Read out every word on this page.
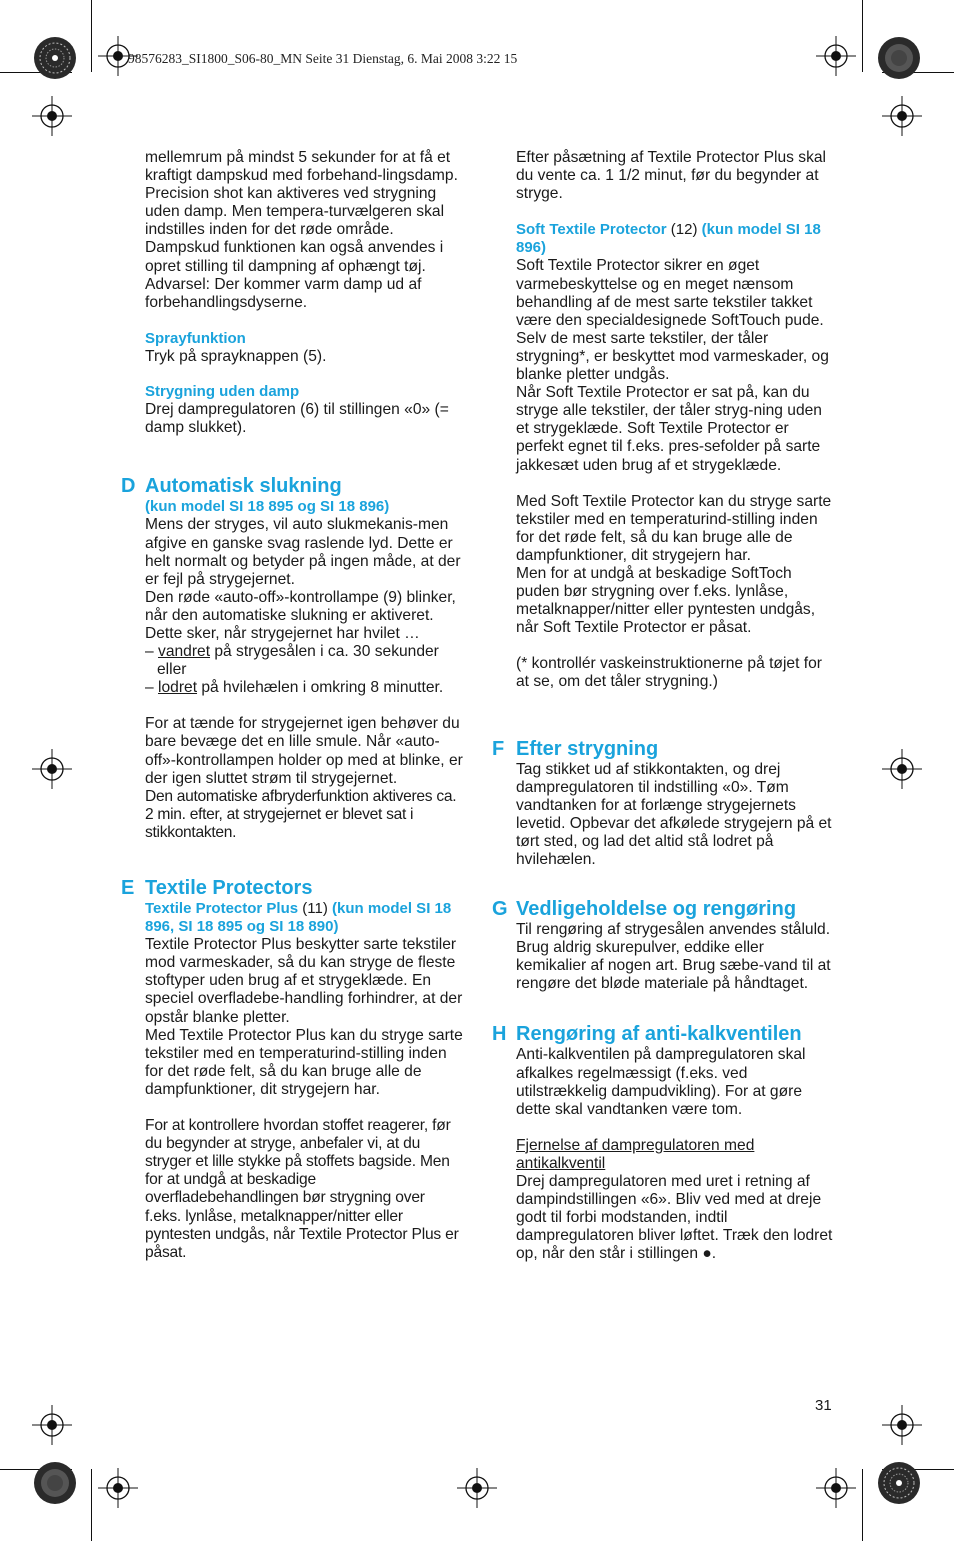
98576283_SI1800_S06-80_MN Seite 31 Dienstag, 6. Mai 2008 3:22 15

mellemrum på mindst 5 sekunder for at få et kraftigt dampskud med forbehand-lingsdamp. Precision shot kan aktiveres ved strygning uden damp. Men tempera-turvælgeren skal indstilles inden for det røde område.

Dampskud funktionen kan også anvendes i opret stilling til dampning af ophængt tøj. Advarsel: Der kommer varm damp ud af forbehandlingsdyserne.

Sprayfunktion

Tryk på sprayknappen (5).

Strygning uden damp

Drej dampregulatoren (6) til stillingen «0» (= damp slukket).

D Automatisk slukning

(kun model SI 18 895 og SI 18 896)

Mens der stryges, vil auto slukmekanis-men afgive en ganske svag raslende lyd. Dette er helt normalt og betyder på ingen måde, at der er fejl på strygejernet.

Den røde «auto-off»-kontrollampe (9) blinker, når den automatiske slukning er aktiveret.

Dette sker, når strygejernet har hvilet …

– vandret på strygesålen i ca. 30 sekunder eller

– lodret på hvilehælen i omkring 8 minutter.

For at tænde for strygejernet igen behøver du bare bevæge det en lille smule. Når «auto-off»-kontrollampen holder op med at blinke, er der igen sluttet strøm til strygejernet.

Den automatiske afbryderfunktion aktiveres ca. 2 min. efter, at strygejernet er blevet sat i stikkontakten.

E Textile Protectors

Textile Protector Plus (11) (kun model SI 18 896, SI 18 895 og SI 18 890)

Textile Protector Plus beskytter sarte tekstiler mod varmeskader, så du kan stryge de fleste stoftyper uden brug af et strygeklæde. En speciel overfladebe-handling forhindrer, at der opstår blanke pletter.

Med Textile Protector Plus kan du stryge sarte tekstiler med en temperaturind-stilling inden for det røde felt, så du kan bruge alle de dampfunktioner, dit strygejern har.

For at kontrollere hvordan stoffet reagerer, før du begynder at stryge, anbefaler vi, at du stryger et lille stykke på stoffets bagside. Men for at undgå at beskadige overfladebehandlingen bør strygning over f.eks. lynlåse, metalknapper/nitter eller pyntesten undgås, når Textile Protector Plus er påsat.

Efter påsætning af Textile Protector Plus skal du vente ca. 1 1/2 minut, før du begynder at stryge.

Soft Textile Protector (12) (kun model SI 18 896)

Soft Textile Protector sikrer en øget varmebeskyttelse og en meget nænsom behandling af de mest sarte tekstiler takket være den specialdesignede SoftTouch pude. Selv de mest sarte tekstiler, der tåler strygning*, er beskyttet mod varmeskader, og blanke pletter undgås.

Når Soft Textile Protector er sat på, kan du stryge alle tekstiler, der tåler stryg-ning uden et strygeklæde. Soft Textile Protector er perfekt egnet til f.eks. pres-sefolder på sarte jakkesæt uden brug af et strygeklæde.

Med Soft Textile Protector kan du stryge sarte tekstiler med en temperaturind-stilling inden for det røde felt, så du kan bruge alle de dampfunktioner, dit strygejern har.

Men for at undgå at beskadige SoftToch puden bør strygning over f.eks. lynlåse, metalknapper/nitter eller pyntesten undgås, når Soft Textile Protector er påsat.

(* kontrollér vaskeinstruktionerne på tøjet for at se, om det tåler strygning.)

F Efter strygning

Tag stikket ud af stikkontakten, og drej dampregulatoren til indstilling «0». Tøm vandtanken for at forlænge strygejernets levetid. Opbevar det afkølede strygejern på et tørt sted, og lad det altid stå lodret på hvilehælen.

G Vedligeholdelse og rengøring

Til rengøring af strygesålen anvendes ståluld. Brug aldrig skurepulver, eddike eller kemikalier af nogen art. Brug sæbe-vand til at rengøre det bløde materiale på håndtaget.

H Rengøring af anti-kalkventilen

Anti-kalkventilen på dampregulatoren skal afkalkes regelmæssigt (f.eks. ved utilstrækkelig dampudvikling). For at gøre dette skal vandtanken være tom.

Fjernelse af dampregulatoren med antikalkventil

Drej dampregulatoren med uret i retning af dampindstillingen «6». Bliv ved med at dreje godt til forbi modstanden, indtil dampregulatoren bliver løftet. Træk den lodret op, når den står i stillingen ●.

31
